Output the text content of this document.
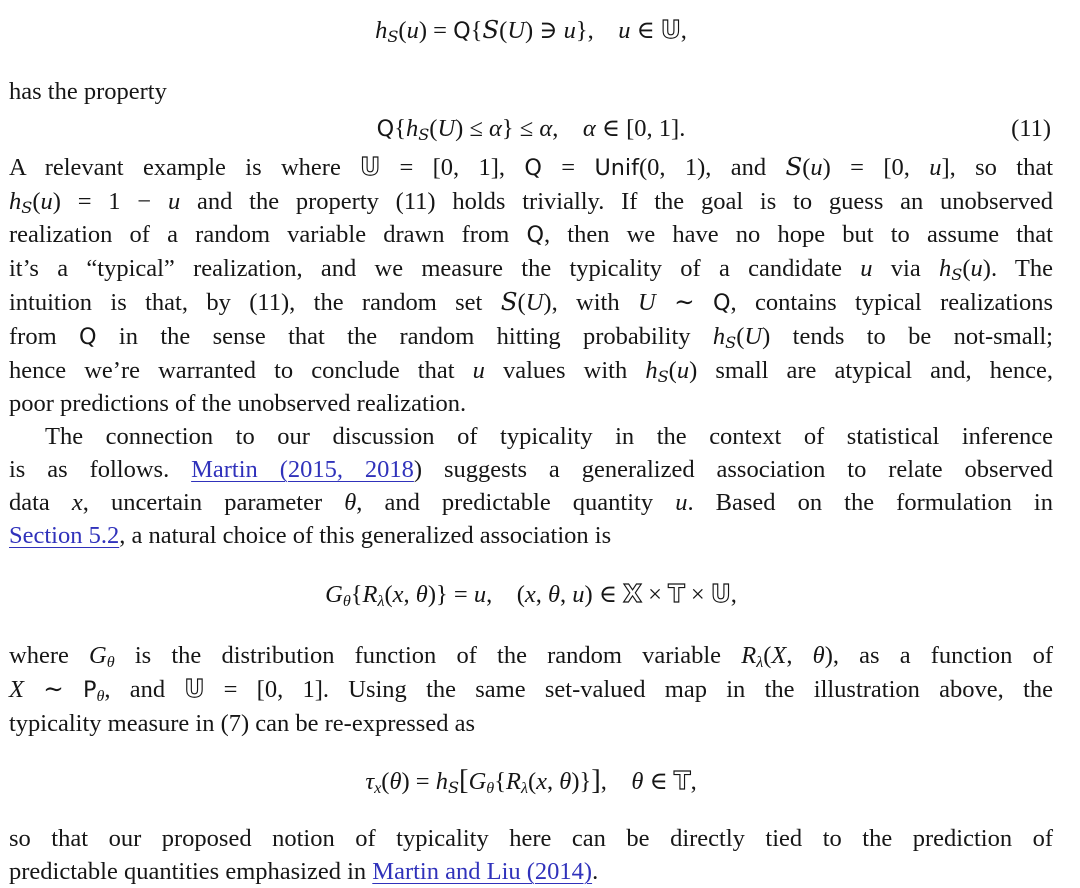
$h_S(u) = Q\{S(U)$ ∋ u}, u ∈ U,
has the property
$Q\{h_S(U) \le \alpha\} \le \alpha$, α ∈ [0, 1].	(11)
A relevant example is where U = [0, 1], Q = Unif(0, 1), and S(u) = [0, u], so that
$h_S(u) = 1 - u$ and the property (11) holds trivially. If the goal is to guess an unobserved
realization of a random variable drawn from Q, then we have no hope but to assume that
it’s a “typical” realization, and we measure the typicality of a candidate u via $h_S(u)$. The
intuition is that, by (11), the random set S(U), with U ∼ Q, contains typical realizations
from Q in the sense that the random hitting probability $h_S(U)$ tends to be not-small;
hence we’re warranted to conclude that u values with $h_S(u)$ small are atypical and, hence,
poor predictions of the unobserved realization.
The connection to our discussion of typicality in the context of statistical inference
is as follows. Martin (2015, 2018) suggests a generalized association to relate observed
data x, uncertain parameter θ, and predictable quantity u. Based on the formulation in
Section 5.2, a natural choice of this generalized association is
$G_\theta\{R_\lambda(x$, θ)} = u, (x, θ, u) ∈ X × T × U,
where $G_\theta$ is the distribution function of the random variable $R_\lambda(X$, θ), as a function of
X ∼ $P_\theta$, and U = [0, 1]. Using the same set-valued map in the illustration above, the
typicality measure in (7) can be re-expressed as
$\tau_x(\theta) = h_S[G_\theta\{R_\lambda(x$, θ)}], θ ∈ T,
so that our proposed notion of typicality here can be directly tied to the prediction of
predictable quantities emphasized in Martin and Liu (2014).
